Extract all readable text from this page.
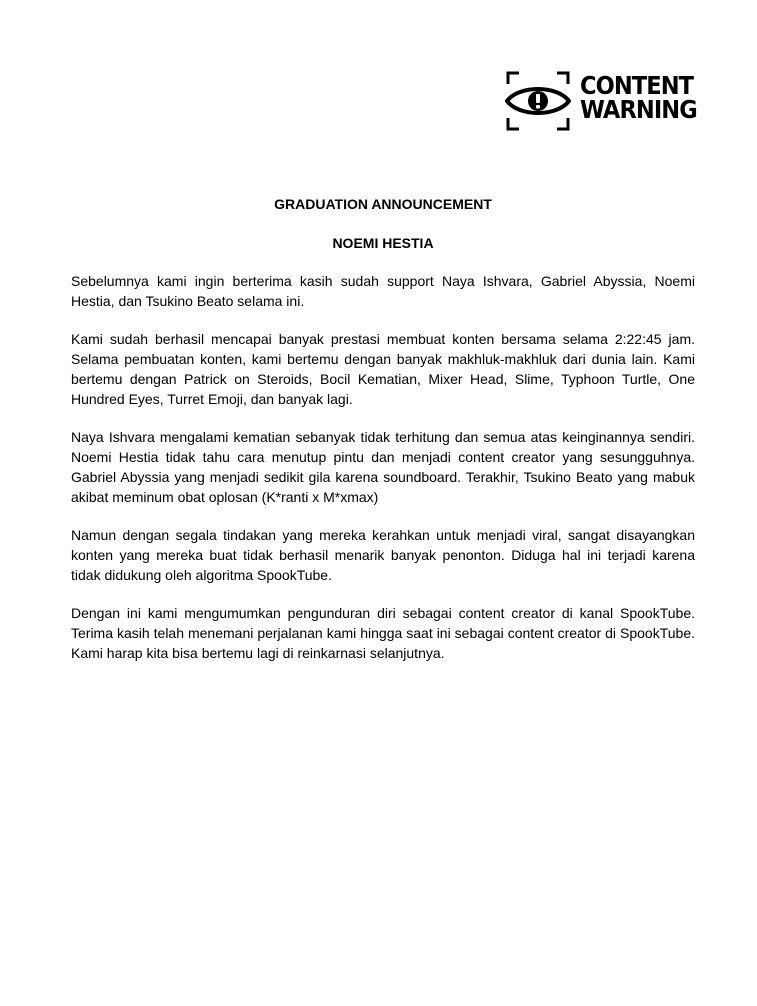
CONTENT
WARNING
GRADUATION ANNOUNCEMENT
NOEMI HESTIA

Sebelumnya kami ingin berterima kasih sudah support Naya Ishvara, Gabriel Abyssia, Noemi Hestia, dan Tsukino Beato selama ini.

Kami sudah berhasil mencapai banyak prestasi membuat konten bersama selama 2:22:45 jam. Selama pembuatan konten, kami bertemu dengan banyak makhluk-makhluk dari dunia lain. Kami bertemu dengan Patrick on Steroids, Bocil Kematian, Mixer Head, Slime, Typhoon Turtle, One Hundred Eyes, Turret Emoji, dan banyak lagi.

Naya Ishvara mengalami kematian sebanyak tidak terhitung dan semua atas keinginannya sendiri. Noemi Hestia tidak tahu cara menutup pintu dan menjadi content creator yang sesungguhnya. Gabriel Abyssia yang menjadi sedikit gila karena soundboard. Terakhir, Tsukino Beato yang mabuk akibat meminum obat oplosan (K*ranti x M*xmax)

Namun dengan segala tindakan yang mereka kerahkan untuk menjadi viral, sangat disayangkan konten yang mereka buat tidak berhasil menarik banyak penonton. Diduga hal ini terjadi karena tidak didukung oleh algoritma SpookTube.

Dengan ini kami mengumumkan pengunduran diri sebagai content creator di kanal SpookTube. Terima kasih telah menemani perjalanan kami hingga saat ini sebagai content creator di SpookTube. Kami harap kita bisa bertemu lagi di reinkarnasi selanjutnya.
